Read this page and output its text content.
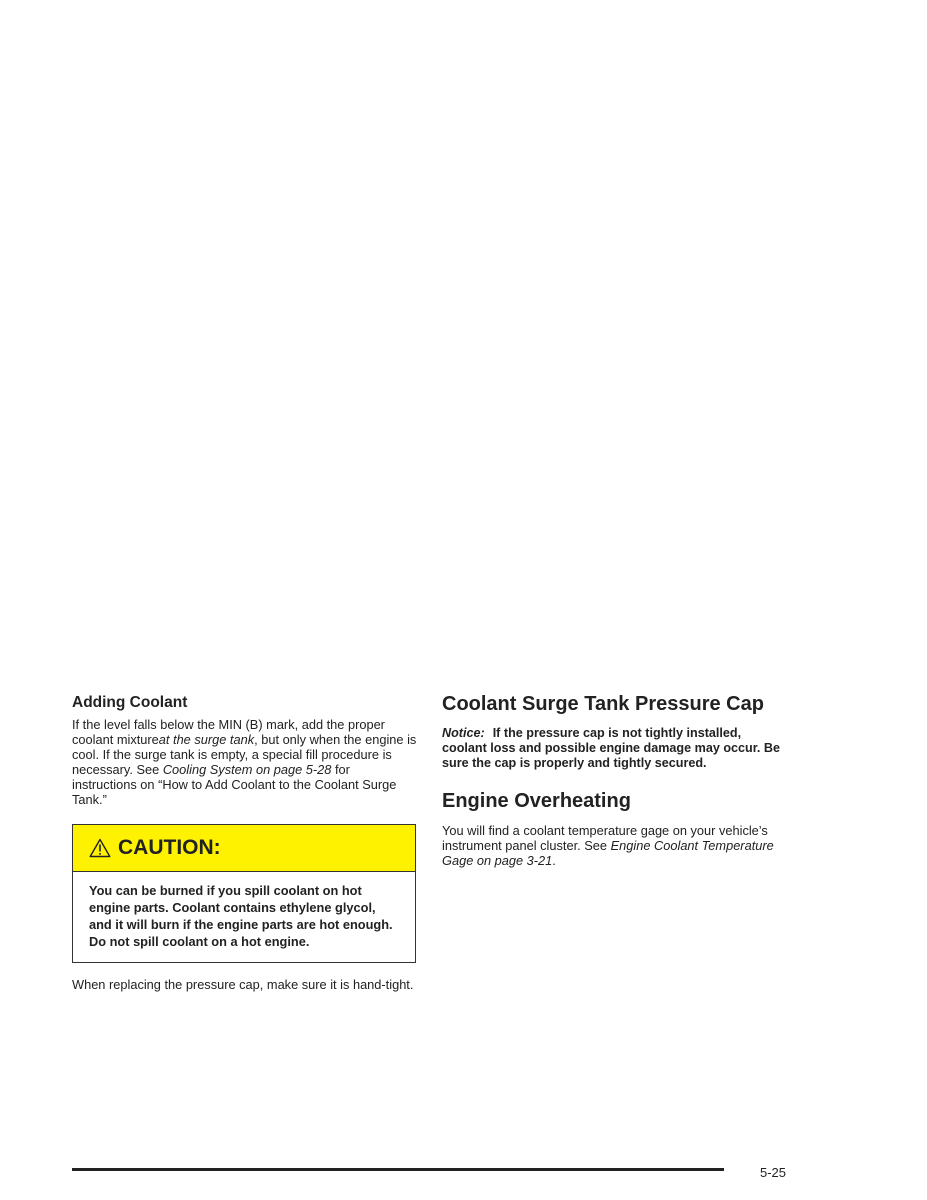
Adding Coolant

If the level falls below the MIN (B) mark, add the proper coolant mixtureat the surge tank, but only when the engine is cool. If the surge tank is empty, a special fill procedure is necessary. See Cooling System on page 5-28 for instructions on “How to Add Coolant to the Coolant Surge Tank.”

CAUTION:
You can be burned if you spill coolant on hot engine parts. Coolant contains ethylene glycol, and it will burn if the engine parts are hot enough. Do not spill coolant on a hot engine.

When replacing the pressure cap, make sure it is hand-tight.

Coolant Surge Tank Pressure Cap

Notice: If the pressure cap is not tightly installed, coolant loss and possible engine damage may occur. Be sure the cap is properly and tightly secured.

Engine Overheating

You will find a coolant temperature gage on your vehicle’s instrument panel cluster. See Engine Coolant Temperature Gage on page 3-21.

5-25
